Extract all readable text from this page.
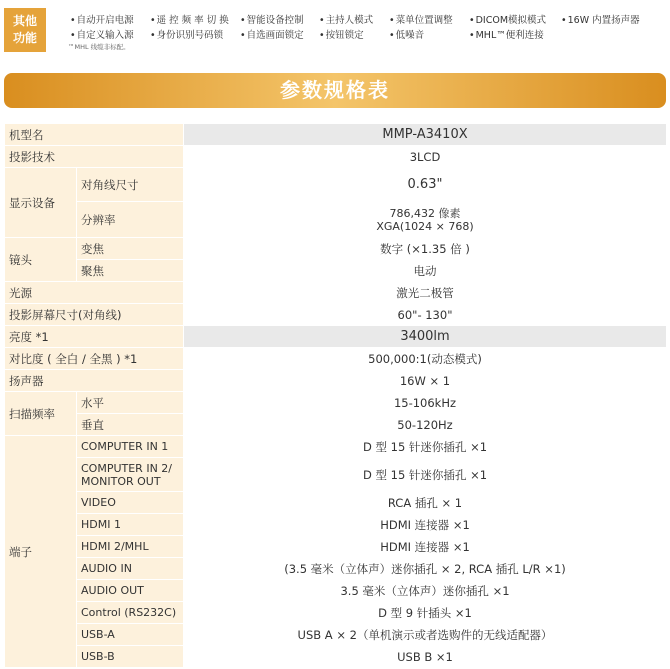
其他
功能
• 自动开启电源	• 遥 控 频 率 切 换	• 智能设备控制	• 主持人模式	• 菜单位置调整	• DICOM模拟模式	• 16W 内置扬声器
• 自定义输入源	• 身份识别号码锁	• 自选画面锁定	• 按钮锁定	• 低噪音	• MHL™便利连接
™MHL 线缆非标配。
参数规格表
机型名		MMP-A3410X
投影技术		3LCD
显示设备	对角线尺寸	0.63"
	分辨率	786,432 像素
XGA(1024 × 768)

镜头	变焦	数字 (×1.35 倍 )
	聚焦	电动
光源		激光二极管
投影屏幕尺寸(对角线)		60"- 130"
亮度 *1		3400lm
对比度 ( 全白 / 全黑 ) *1		500,000:1(动态模式)
扬声器		16W × 1
扫描频率	水平	15-106kHz
	垂直	50-120Hz
端子	COMPUTER IN 1	D 型 15 针迷你插孔 ×1
	COMPUTER IN 2/
MONITOR OUT	D 型 15 针迷你插孔 ×1
	VIDEO	RCA 插孔 × 1
	HDMI 1	HDMI 连接器 ×1
	HDMI 2/MHL	HDMI 连接器 ×1
	AUDIO IN	(3.5 毫米（立体声）迷你插孔 × 2, RCA 插孔 L/R ×1)
	AUDIO OUT	3.5 毫米（立体声）迷你插孔 ×1
	Control (RS232C)	D 型 9 针插头 ×1
	USB-A	USB A × 2（单机演示或者选购件的无线适配器）
	USB-B	USB B ×1
